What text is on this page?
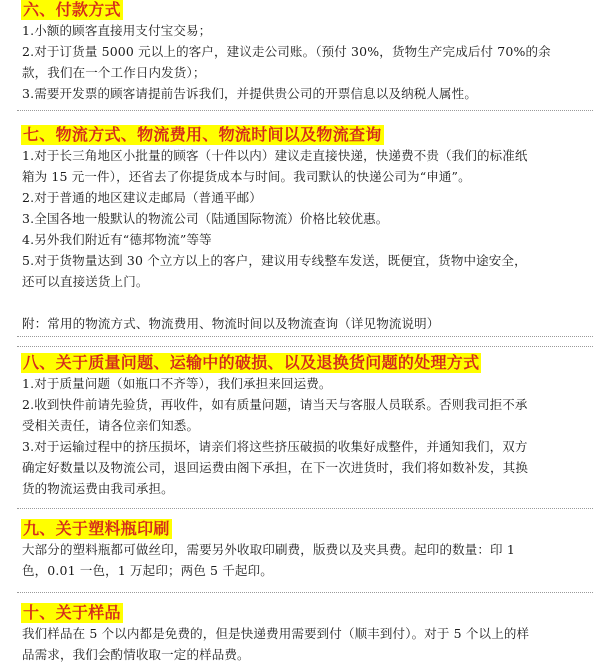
六、付款方式
1.小额的顾客直接用支付宝交易；
2.对于订货量 5000 元以上的客户，建议走公司账。（预付 30%，货物生产完成后付 70%的余
款，我们在一个工作日内发货）；
3.需要开发票的顾客请提前告诉我们，并提供贵公司的开票信息以及纳税人属性。
七、物流方式、物流费用、物流时间以及物流查询
1.对于长三角地区小批量的顾客（十件以内）建议走直接快递，快递费不贵（我们的标准纸
箱为 15 元一件），还省去了你提货成本与时间。我司默认的快递公司为“申通”。
2.对于普通的地区建议走邮局（普通平邮）
3.全国各地一般默认的物流公司（陆通国际物流）价格比较优惠。
4.另外我们附近有“德邦物流”等等
5.对于货物量达到 30 个立方以上的客户，建议用专线整车发送，既便宜，货物中途安全，
还可以直接送货上门。
附：常用的物流方式、物流费用、物流时间以及物流查询（详见物流说明）
八、关于质量问题、运输中的破损、以及退换货问题的处理方式
1.对于质量问题（如瓶口不齐等），我们承担来回运费。
2.收到快件前请先验货，再收件，如有质量问题，请当天与客服人员联系。否则我司拒不承
受相关责任，请各位亲们知悉。
3.对于运输过程中的挤压损坏，请亲们将这些挤压破损的收集好成整件，并通知我们，双方
确定好数量以及物流公司，退回运费由阁下承担，在下一次进货时，我们将如数补发，其换
货的物流运费由我司承担。
九、关于塑料瓶印刷
大部分的塑料瓶都可做丝印，需要另外收取印刷费，版费以及夹具费。起印的数量：印 1
色，0.01 一色，1 万起印；两色 5 千起印。
十、关于样品
我们样品在 5 个以内都是免费的，但是快递费用需要到付（顺丰到付）。对于 5 个以上的样
品需求，我们会酌情收取一定的样品费。
